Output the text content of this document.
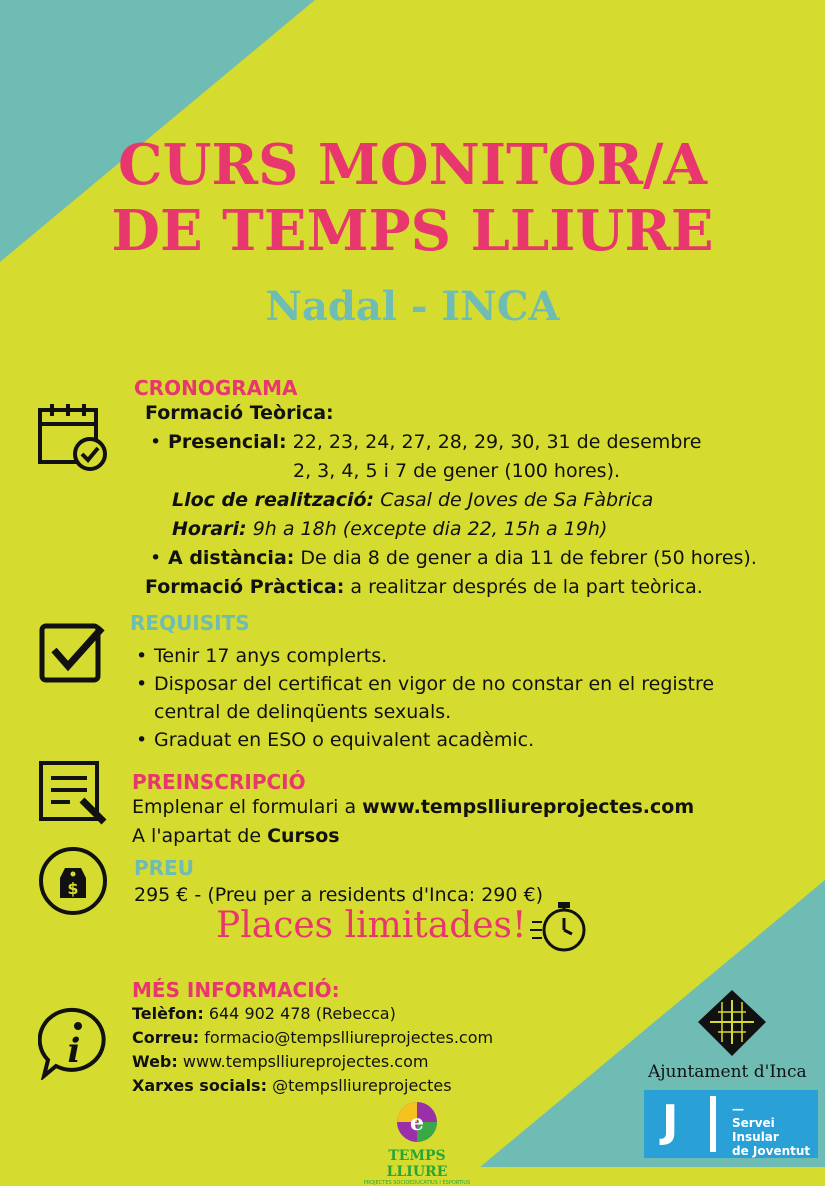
CURS MONITOR/A
DE TEMPS LLIURE
Nadal - INCA
CRONOGRAMA
Formació Teòrica:
• Presencial: 22, 23, 24, 27, 28, 29, 30, 31 de desembre
2, 3, 4, 5 i 7 de gener (100 hores).
Lloc de realització: Casal de Joves de Sa Fàbrica
Horari: 9h a 18h (excepte dia 22, 15h a 19h)
• A distància: De dia 8 de gener a dia 11 de febrer (50 hores).
Formació Pràctica: a realitzar després de la part teòrica.
REQUISITS
• Tenir 17 anys complerts.
• Disposar del certificat en vigor de no constar en el registre
central de delinqüents sexuals.
• Graduat en ESO o equivalent acadèmic.
PREINSCRIPCIÓ
Emplenar el formulari a www.tempslliureprojectes.com
A l'apartat de Cursos
$
PREU
295 € - (Preu per a residents d'Inca: 290 €)
Places limitades!
i
MÉS INFORMACIÓ:
Telèfon: 644 902 478 (Rebecca)
Correu: formacio@tempslliureprojectes.com
Web: www.tempslliureprojectes.com
Xarxes socials: @tempslliureprojectes
e
TEMPS LLIURE
PROJECTES SOCIOEDUCATIUS I ESPORTIUS
Ajuntament d'Inca
J	—
Servei
Insular
de Joventut
